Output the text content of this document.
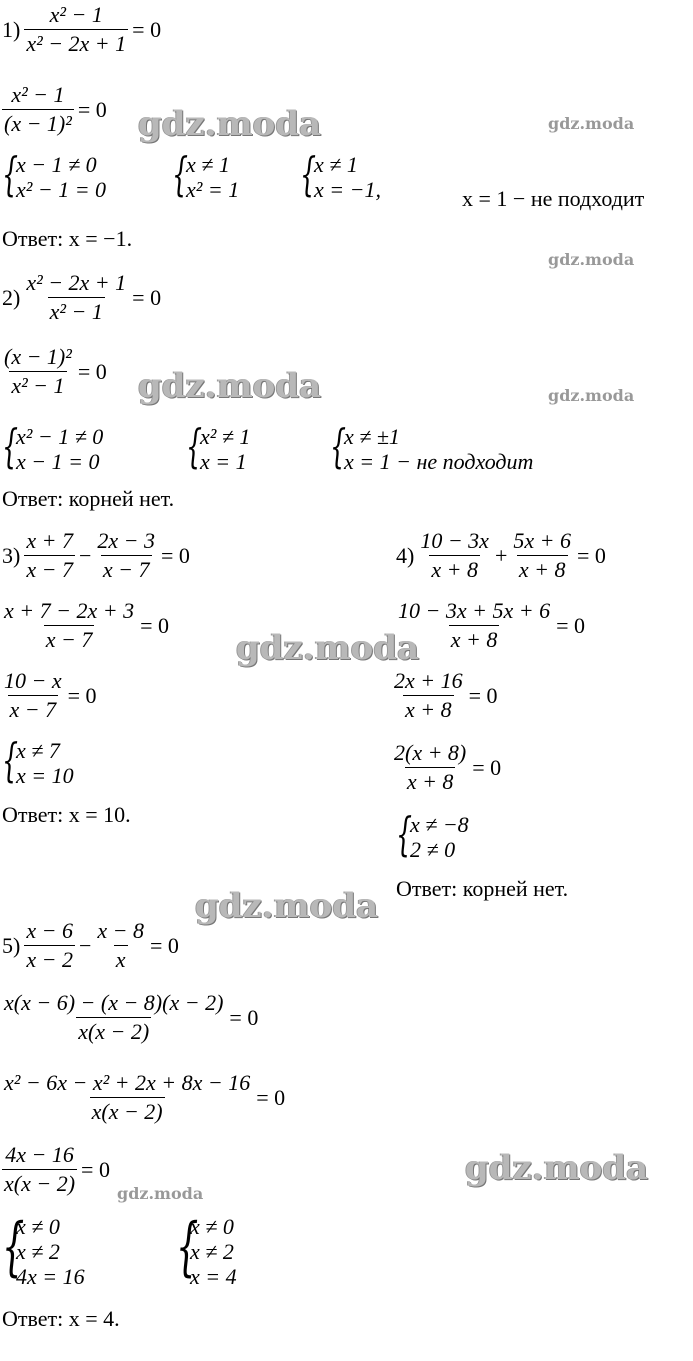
gdz.moda	gdz.moda
gdz.moda
gdz.moda	gdz.moda
gdz.moda
gdz.moda
gdz.moda
gdz.moda
$1) \frac{\text{x² − 1}}{\text{x² − 2x + 1}} = 0$
$\frac{\text{x² − 1}}{\text{(x − 1)²}} = 0$
{
x − 1 ≠ 0
x² − 1 = 0 {
x ≠ 1
x² = 1 {
x ≠ 1
x = −1,	x = 1 − не подходит
Ответ: x = −1.
$2) \frac{\text{x² − 2x + 1}}{\text{x² − 1}} = 0$
$\frac{\text{(x − 1)²}}{\text{x² − 1}} = 0$
{
x² − 1 ≠ 0
x − 1 = 0 {
x² ≠ 1
x = 1 {
x ≠ ±1
x = 1 − не подходит
Ответ: корней нет.
$3) \frac{x + 7}{x - 7} - \frac{2x - 3}{x - 7} = 0$
$\frac{x + 7 - 2x + 3}{x - 7} = 0$
$\frac{10 - x}{x - 7} = 0$
{
x ≠ 7
x = 10
Ответ: x = 10.
$4) \frac{10 - 3x}{x + 8} + \frac{5x + 6}{x + 8} = 0$
$\frac{10 - 3x + 5x + 6}{x + 8} = 0$
$\frac{2x + 16}{x + 8} = 0$
$\frac{2(x + 8)}{x + 8} = 0$
{
x ≠ −8
2 ≠ 0
Ответ: корней нет.
$5) \frac{x - 6}{x - 2} - \frac{x - 8}{x} = 0$
$\frac{x(x - 6) - (x - 8)(x - 2)}{x(x - 2)} = 0$
$\frac{\text{x² − 6x − x² + 2x + 8x − 16}}{x(x - 2)} = 0$
$\frac{4x - 16}{x(x - 2)} = 0$
{
x ≠ 0
x ≠ 2
4x = 16 {
x ≠ 0
x ≠ 2
x = 4
Ответ: x = 4.
